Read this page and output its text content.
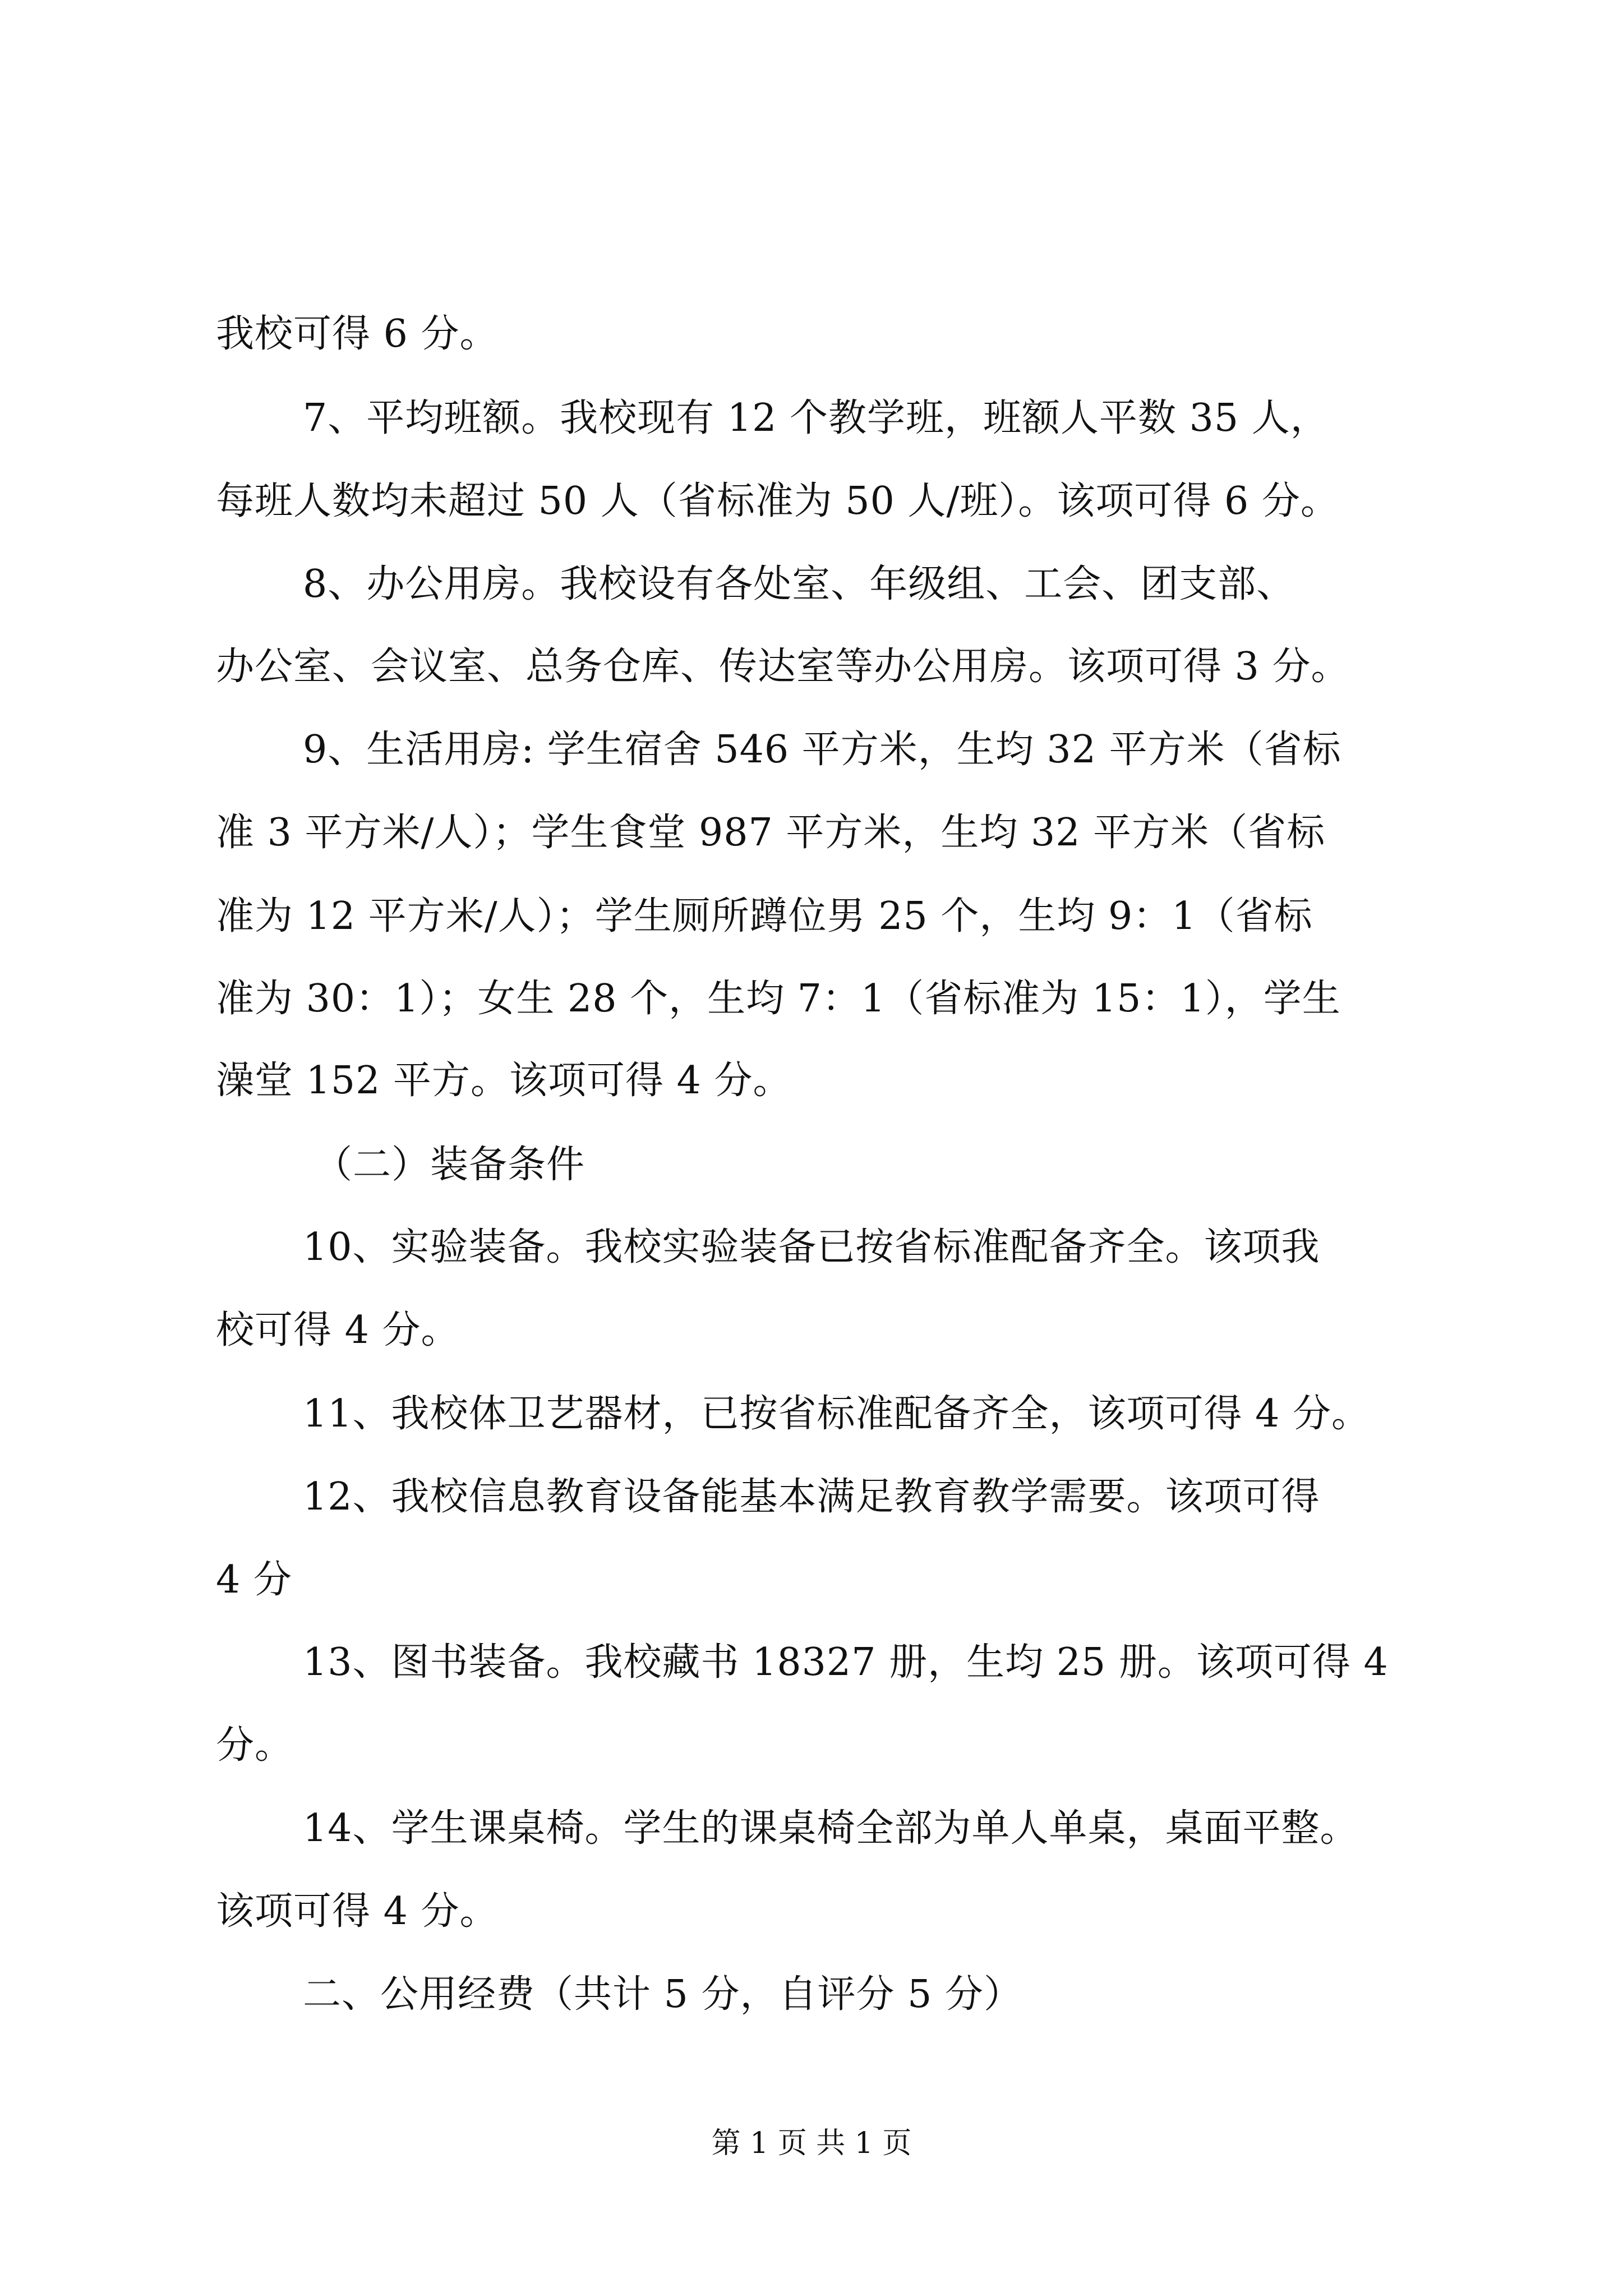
我校可得 6 分。
7、平均班额。我校现有 12 个教学班，班额人平数 35 人，
每班人数均未超过 50 人（省标准为 50 人/班）。该项可得 6 分。
8、办公用房。我校设有各处室、年级组、工会、团支部、
办公室、会议室、总务仓库、传达室等办公用房。该项可得 3 分。
9、生活用房: 学生宿舍 546 平方米，生均 32 平方米（省标
准 3 平方米/人）；学生食堂 987 平方米，生均 32 平方米（省标
准为 12 平方米/人）；学生厕所蹲位男 25 个，生均 9：1（省标
准为 30：1）；女生 28 个，生均 7：1（省标准为 15：1），学生
澡堂 152 平方。该项可得 4 分。
（二）装备条件
10、实验装备。我校实验装备已按省标准配备齐全。该项我
校可得 4 分。
11、我校体卫艺器材，已按省标准配备齐全，该项可得 4 分。
12、我校信息教育设备能基本满足教育教学需要。该项可得
4 分
13、图书装备。我校藏书 18327 册，生均 25 册。该项可得 4
分。
14、学生课桌椅。学生的课桌椅全部为单人单桌，桌面平整。
该项可得 4 分。
二、公用经费（共计 5 分，自评分 5 分）
第 1 页 共 1 页
